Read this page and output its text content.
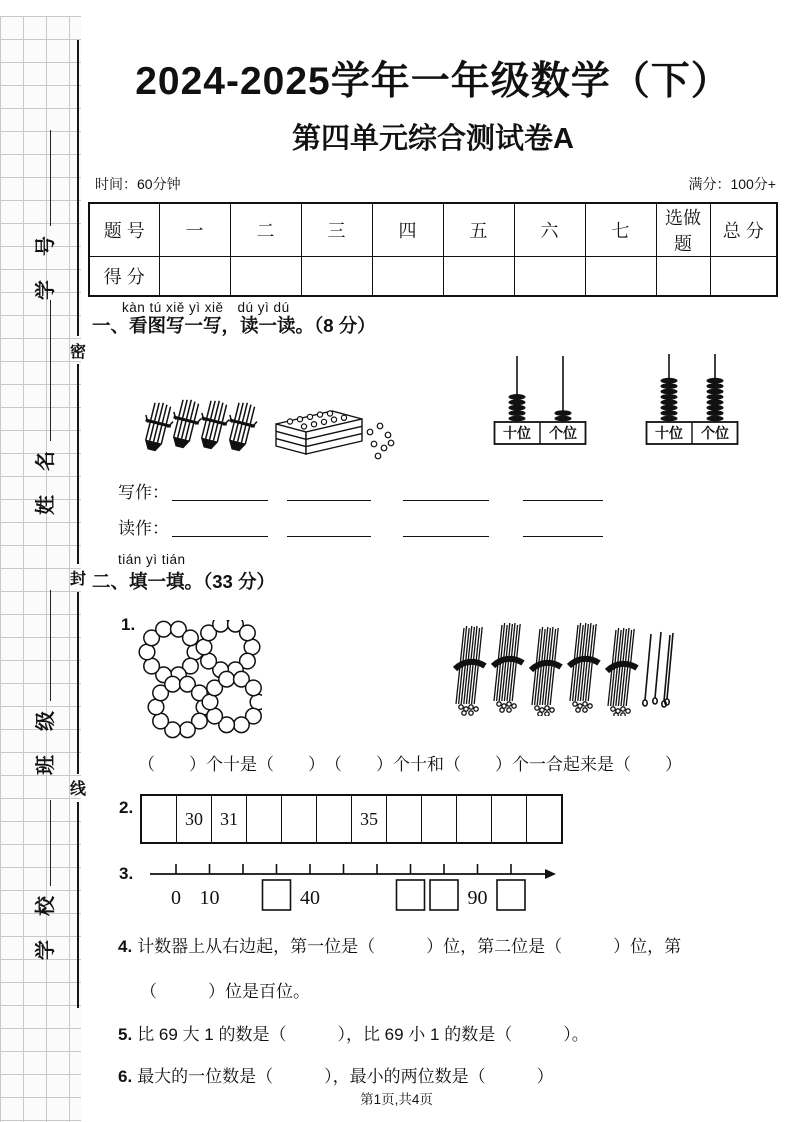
密
封
线
学　号
姓　名
班　级
学　校
2024-2025学年一年级数学（下）
第四单元综合测试卷A
时间：60分钟	满分：100分+
题 号	一	二	三	四	五	六	七	选做题	总 分
得 分									
kàn tú xiě yì xiě　dú yì dú
一、看图写一写，读一读。（8 分）
十位 个位	十位 个位
写作：
读作：
tián yì tián
二、填一填。（33 分）
1.
（　　）个十是（　　）　（　　）个十和（　　）个一合起来是（　　）
2.
30 31	35
3.
0 10	40	90
4. 计数器上从右边起，第一位是（　　　）位，第二位是（　　　）位，第
（　　　）位是百位。
5. 比 69 大 1 的数是（　　　），比 69 小 1 的数是（　　　）。
6. 最大的一位数是（　　　），最小的两位数是（　　　）
第1页,共4页
